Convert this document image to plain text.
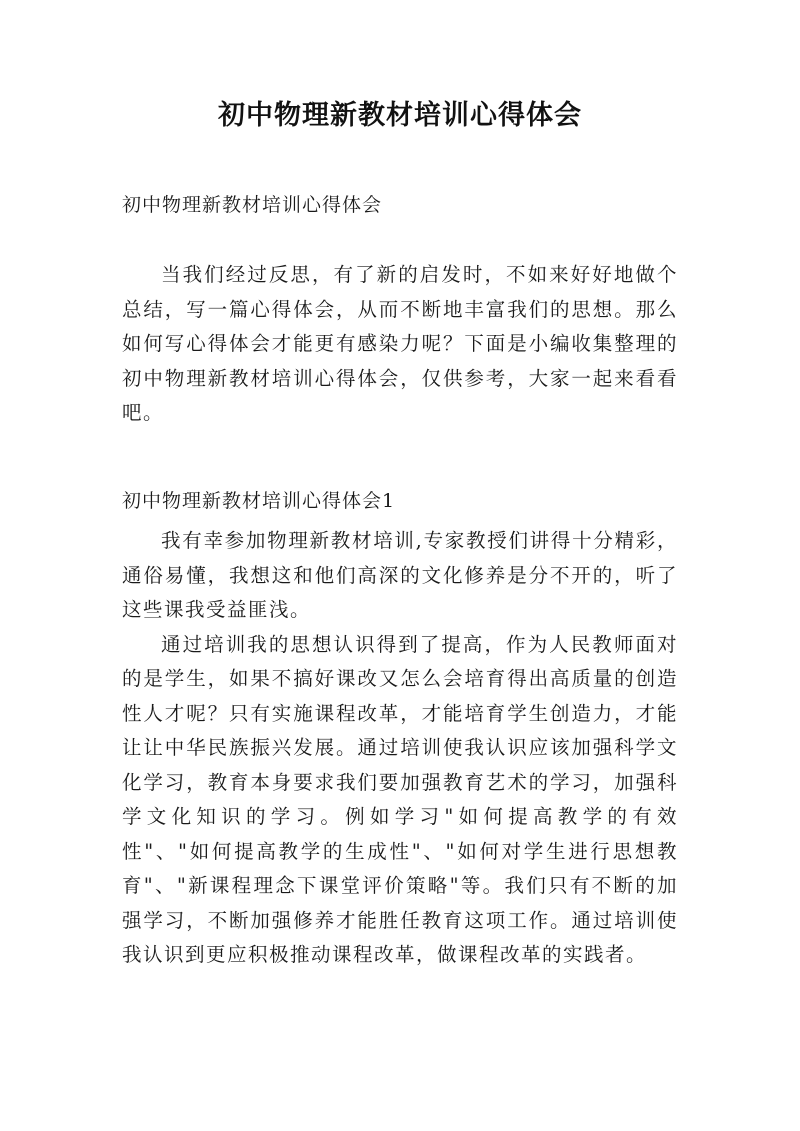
初中物理新教材培训心得体会

初中物理新教材培训心得体会

当我们经过反思，有了新的启发时，不如来好好地做个总结，写一篇心得体会，从而不断地丰富我们的思想。那么如何写心得体会才能更有感染力呢？下面是小编收集整理的初中物理新教材培训心得体会，仅供参考，大家一起来看看吧。

初中物理新教材培训心得体会1

我有幸参加物理新教材培训,专家教授们讲得十分精彩，通俗易懂，我想这和他们高深的文化修养是分不开的，听了这些课我受益匪浅。

通过培训我的思想认识得到了提高，作为人民教师面对的是学生，如果不搞好课改又怎么会培育得出高质量的创造性人才呢？只有实施课程改革，才能培育学生创造力，才能让让中华民族振兴发展。通过培训使我认识应该加强科学文化学习，教育本身要求我们要加强教育艺术的学习，加强科学文化知识的学习。例如学习"如何提高教学的有效性"、"如何提高教学的生成性"、"如何对学生进行思想教育"、"新课程理念下课堂评价策略"等。我们只有不断的加强学习，不断加强修养才能胜任教育这项工作。通过培训使我认识到更应积极推动课程改革，做课程改革的实践者。
